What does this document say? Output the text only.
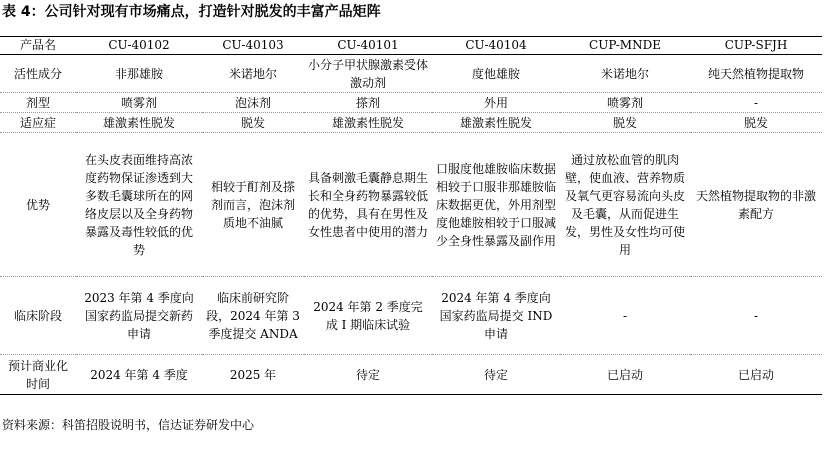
表 4：公司针对现有市场痛点，打造针对脱发的丰富产品矩阵
产品名	CU-40102	CU-40103	CU-40101	CU-40104	CUP-MNDE	CUP-SFJH
活性成分	非那雄胺	米诺地尔	小分子甲状腺激素受体激动剂	度他雄胺	米诺地尔	纯天然植物提取物
剂型	喷雾剂	泡沫剂	搽剂	外用	喷雾剂	-
适应症	雄激素性脱发	脱发	雄激素性脱发	雄激素性脱发	脱发	脱发
优势	在头皮表面维持高浓度药物保证渗透到大多数毛囊球所在的网络皮层以及全身药物暴露及毒性较低的优势	相较于酊剂及搽剂而言，泡沫剂质地不油腻	具备刺激毛囊静息期生长和全身药物暴露较低的优势，具有在男性及女性患者中使用的潜力	口服度他雄胺临床数据相较于口服非那雄胺临床数据更优，外用剂型度他雄胺相较于口服减少全身性暴露及副作用	通过放松血管的肌肉壁，使血液、营养物质及氧气更容易流向头皮及毛囊，从而促进生发，男性及女性均可使用	天然植物提取物的非激素配方
临床阶段	2023 年第 4 季度向国家药监局提交新药申请	临床前研究阶段，2024 年第 3 季度提交 ANDA	2024 年第 2 季度完成 I 期临床试验	2024 年第 4 季度向国家药监局提交 IND 申请	-	-
预计商业化时间	2024 年第 4 季度	2025 年	待定	待定	已启动	已启动
资料来源：科笛招股说明书，信达证券研发中心
